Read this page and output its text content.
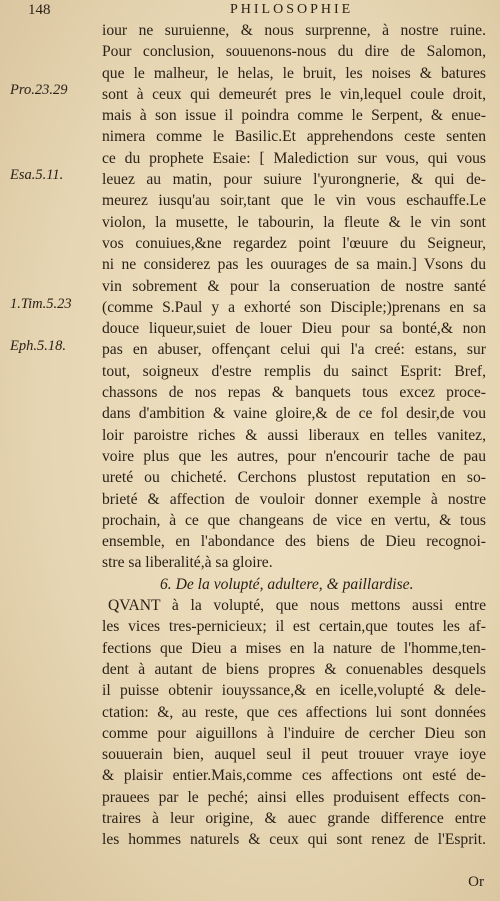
148	PHILOSOPHIE
Pro.23.29
Esa.5.11.
1.Tim.5.23
Eph.5.18.
iour ne suruienne, & nous surprenne, à nostre ruine.
Pour conclusion, souuenons-nous du dire de Salomon,
que le malheur, le helas, le bruit, les noises & batures
sont à ceux qui demeurét pres le vin,lequel coule droit,
mais à son issue il poindra comme le Serpent, & enue-
nimera comme le Basilic.Et apprehendons ceste senten
ce du prophete Esaie: [ Malediction sur vous, qui vous
leuez au matin, pour suiure l'yurongnerie, & qui de-
meurez iusqu'au soir,tant que le vin vous eschauffe.Le
violon, la musette, le tabourin, la fleute & le vin sont
vos conuiues,&ne regardez point l'œuure du Seigneur,
ni ne considerez pas les ouurages de sa main.] Vsons du
vin sobrement & pour la conseruation de nostre santé
(comme S.Paul y a exhorté son Disciple;)prenans en sa
douce liqueur,suiet de louer Dieu pour sa bonté,& non
pas en abuser, offençant celui qui l'a creé: estans, sur
tout, soigneux d'estre remplis du sainct Esprit: Bref,
chassons de nos repas & banquets tous excez proce-
dans d'ambition & vaine gloire,& de ce fol desir,de vou
loir paroistre riches & aussi liberaux en telles vanitez,
voire plus que les autres, pour n'encourir tache de pau
ureté ou chicheté. Cerchons plustost reputation en so-
brieté & affection de vouloir donner exemple à nostre
prochain, à ce que changeans de vice en vertu, & tous
ensemble, en l'abondance des biens de Dieu recognoi-
stre sa liberalité,à sa gloire.
6. De la volupté, adultere, & paillardise.
QVANT à la volupté, que nous mettons aussi entre
les vices tres-pernicieux; il est certain,que toutes les af-
fections que Dieu a mises en la nature de l'homme,ten-
dent à autant de biens propres & conuenables desquels
il puisse obtenir iouyssance,& en icelle,volupté & dele-
ctation: &, au reste, que ces affections lui sont données
comme pour aiguillons à l'induire de cercher Dieu son
souuerain bien, auquel seul il peut trouuer vraye ioye
& plaisir entier.Mais,comme ces affections ont esté de-
prauees par le peché; ainsi elles produisent effects con-
traires à leur origine, & auec grande difference entre
les hommes naturels & ceux qui sont renez de l'Esprit.
Or
